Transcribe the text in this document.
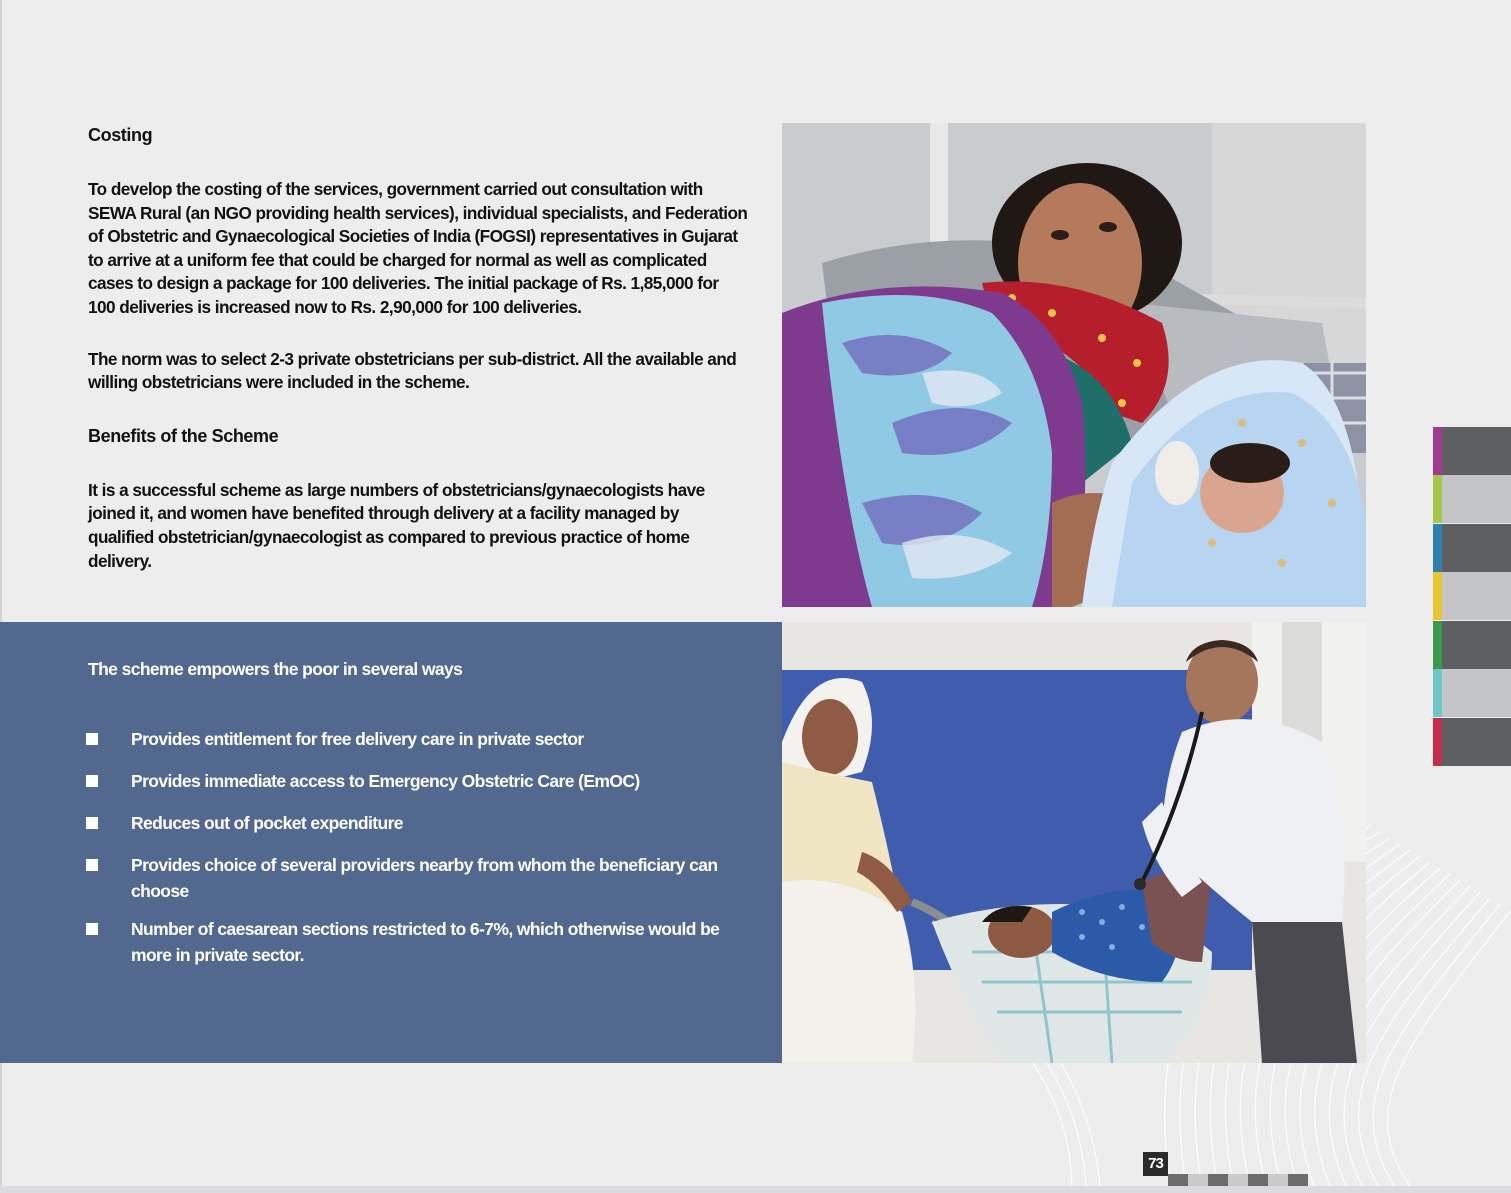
Costing

To develop the costing of the services, government carried out consultation with SEWA Rural (an NGO providing health services), individual specialists, and Federation of Obstetric and Gynaecological Societies of India (FOGSI) representatives in Gujarat to arrive at a uniform fee that could be charged for normal as well as complicated cases to design a package for 100 deliveries. The initial package of Rs. 1,85,000 for 100 deliveries is increased now to Rs. 2,90,000 for 100 deliveries.

The norm was to select 2-3 private obstetricians per sub-district. All the available and willing obstetricians were included in the scheme.

Benefits of the Scheme

It is a successful scheme as large numbers of obstetricians/gynaecologists have joined it, and women have benefited through delivery at a facility managed by qualified obstetrician/gynaecologist as compared to previous practice of home delivery.

The scheme empowers the poor in several ways
Provides entitlement for free delivery care in private sector
Provides immediate access to Emergency Obstetric Care (EmOC)
Reduces out of pocket expenditure
Provides choice of several providers nearby from whom the beneficiary can choose
Number of caesarean sections restricted to 6-7%, which otherwise would be more in private sector.
73
